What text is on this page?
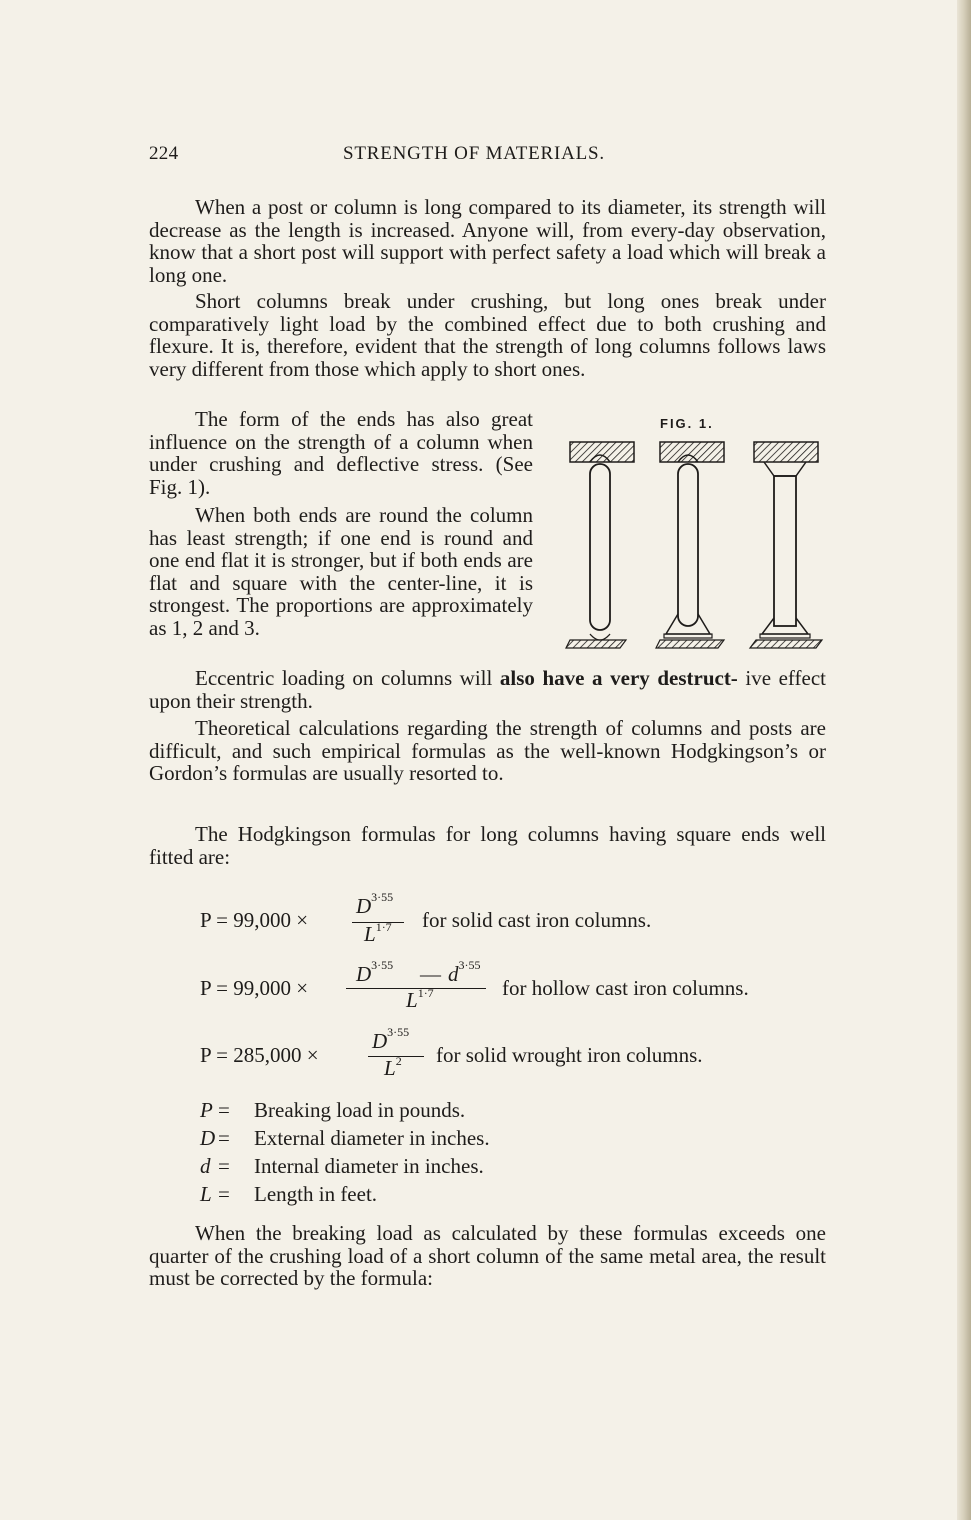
224	STRENGTH OF MATERIALS.

When a post or column is long compared to its diameter, its strength will decrease as the length is increased. Anyone will, from every-day observation, know that a short post will support with perfect safety a load which will break a long one.

Short columns break under crushing, but long ones break under comparatively light load by the combined effect due to both crushing and flexure. It is, therefore, evident that the strength of long columns follows laws very different from those which apply to short ones.

The form of the ends has also great influence on the strength of a column when under crushing and deflective stress. (See Fig. 1).

When both ends are round the column has least strength; if one end is round and one end flat it is stronger, but if both ends are flat and square with the center-line, it is strongest. The proportions are approximately as 1, 2 and 3.

Eccentric loading on columns will also have a very destruct- ive effect upon their strength.

Theoretical calculations regarding the strength of columns and posts are difficult, and such empirical formulas as the well-known Hodgkingson’s or Gordon’s formulas are usually resorted to.

The Hodgkingson formulas for long columns having square ends well fitted are:

FIG. 1.
P = 99,000 ×
D 3·55
L 1·7 for solid cast iron columns.
P = 99,000 ×
D 3·55 — d 3·55
L 1·7	for hollow cast iron columns.
P = 285,000 ×
D 3·55
L 2 for solid wrought iron columns.
P = Breaking load in pounds.
D = External diameter in inches.
d = Internal diameter in inches.
L = Length in feet.

When the breaking load as calculated by these formulas exceeds one quarter of the crushing load of a short column of the same metal area, the result must be corrected by the formula:
